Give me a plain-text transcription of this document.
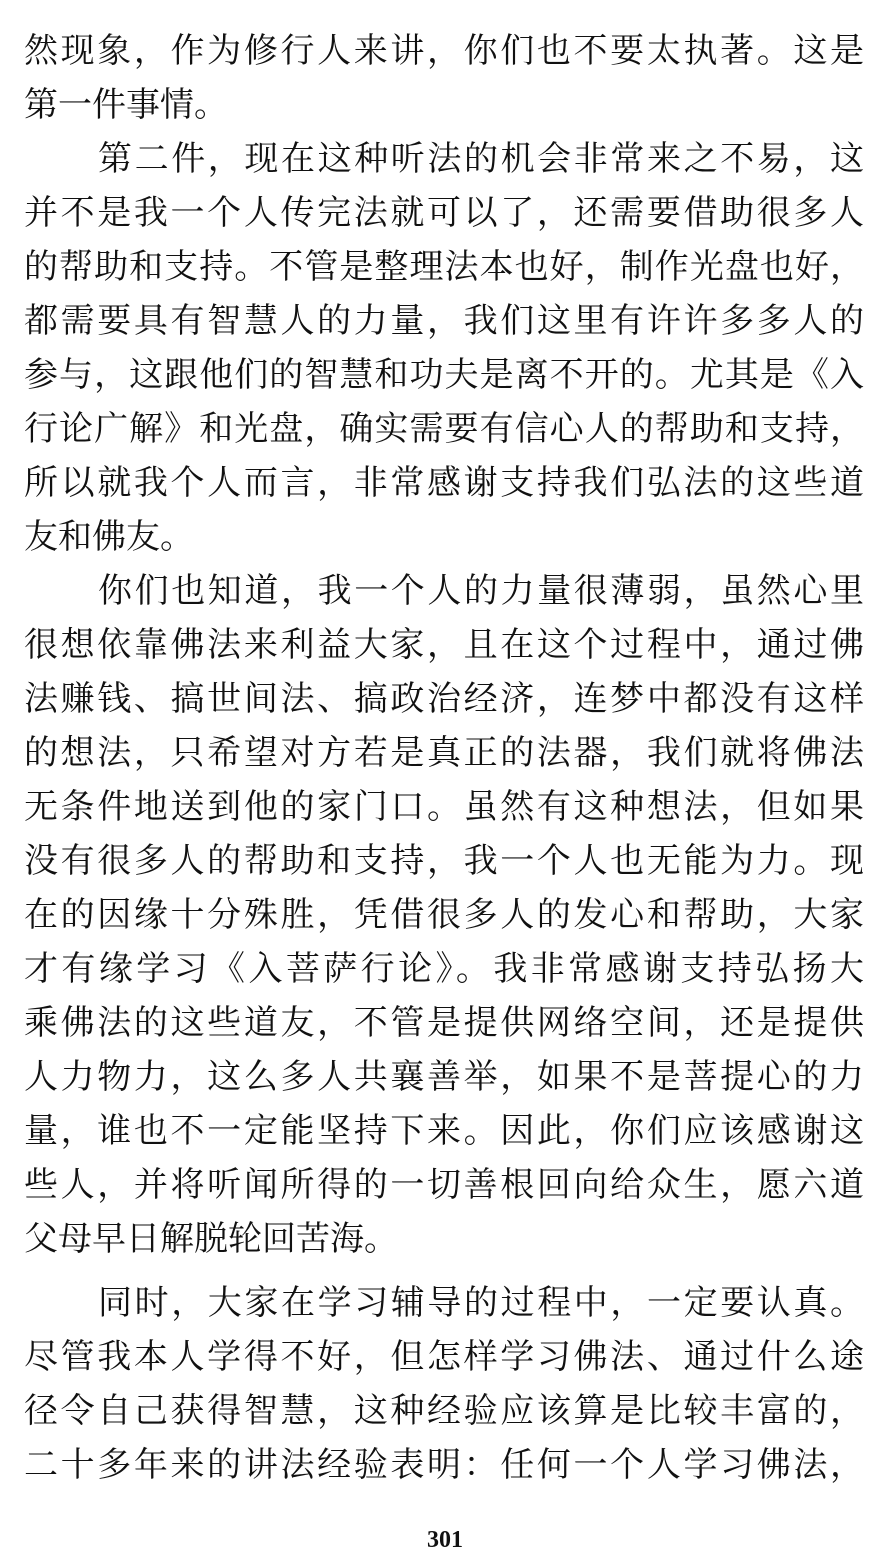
然现象，作为修行人来讲，你们也不要太执著。这是
第一件事情。
第二件，现在这种听法的机会非常来之不易，这
并不是我一个人传完法就可以了，还需要借助很多人
的帮助和支持。不管是整理法本也好，制作光盘也好，
都需要具有智慧人的力量，我们这里有许许多多人的
参与，这跟他们的智慧和功夫是离不开的。尤其是《入
行论广解》和光盘，确实需要有信心人的帮助和支持，
所以就我个人而言，非常感谢支持我们弘法的这些道
友和佛友。
你们也知道，我一个人的力量很薄弱，虽然心里
很想依靠佛法来利益大家，且在这个过程中，通过佛
法赚钱、搞世间法、搞政治经济，连梦中都没有这样
的想法，只希望对方若是真正的法器，我们就将佛法
无条件地送到他的家门口。虽然有这种想法，但如果
没有很多人的帮助和支持，我一个人也无能为力。现
在的因缘十分殊胜，凭借很多人的发心和帮助，大家
才有缘学习《入菩萨行论》。我非常感谢支持弘扬大
乘佛法的这些道友，不管是提供网络空间，还是提供
人力物力，这么多人共襄善举，如果不是菩提心的力
量，谁也不一定能坚持下来。因此，你们应该感谢这
些人，并将听闻所得的一切善根回向给众生，愿六道
父母早日解脱轮回苦海。
同时，大家在学习辅导的过程中，一定要认真。
尽管我本人学得不好，但怎样学习佛法、通过什么途
径令自己获得智慧，这种经验应该算是比较丰富的，
二十多年来的讲法经验表明：任何一个人学习佛法，
301
